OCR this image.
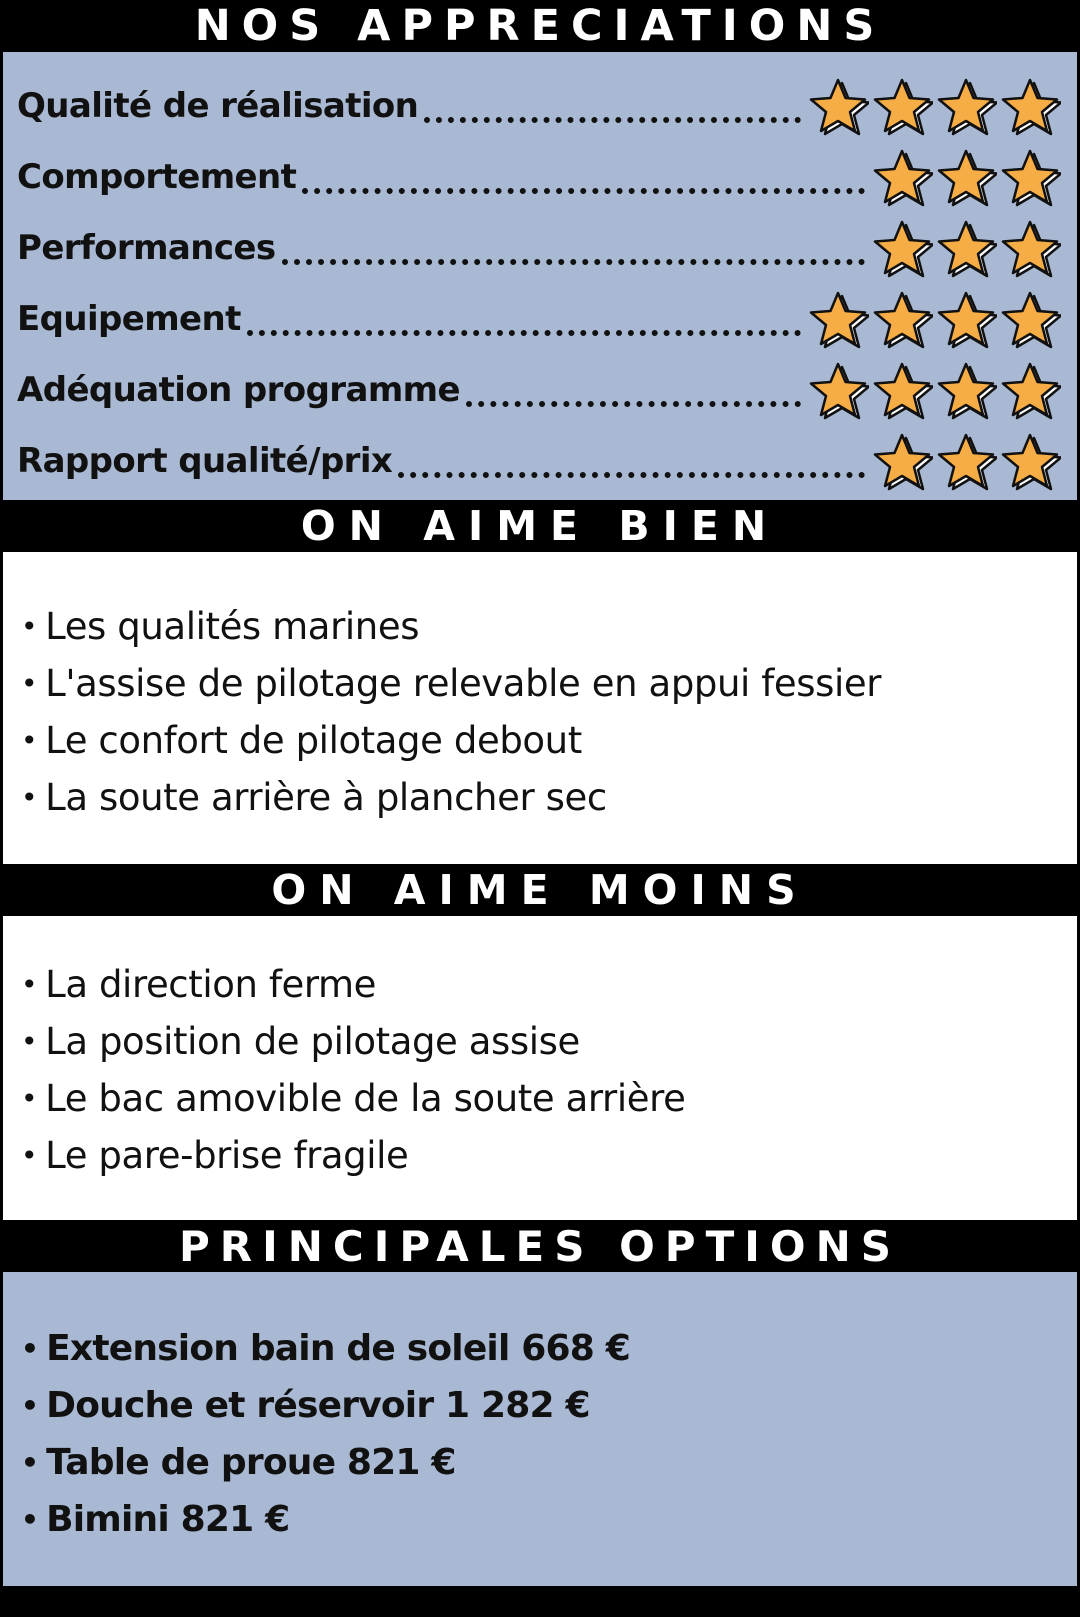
NOS APPRECIATIONS
Qualité de réalisation
Comportement
Performances
Equipement
Adéquation programme
Rapport qualité/prix
ON AIME BIEN
• Les qualités marines
• L'assise de pilotage relevable en appui fessier
• Le confort de pilotage debout
• La soute arrière à plancher sec
ON AIME MOINS
• La direction ferme
• La position de pilotage assise
• Le bac amovible de la soute arrière
• Le pare-brise fragile
PRINCIPALES OPTIONS
• Extension bain de soleil 668 €
• Douche et réservoir 1 282 €
• Table de proue 821 €
• Bimini 821 €
